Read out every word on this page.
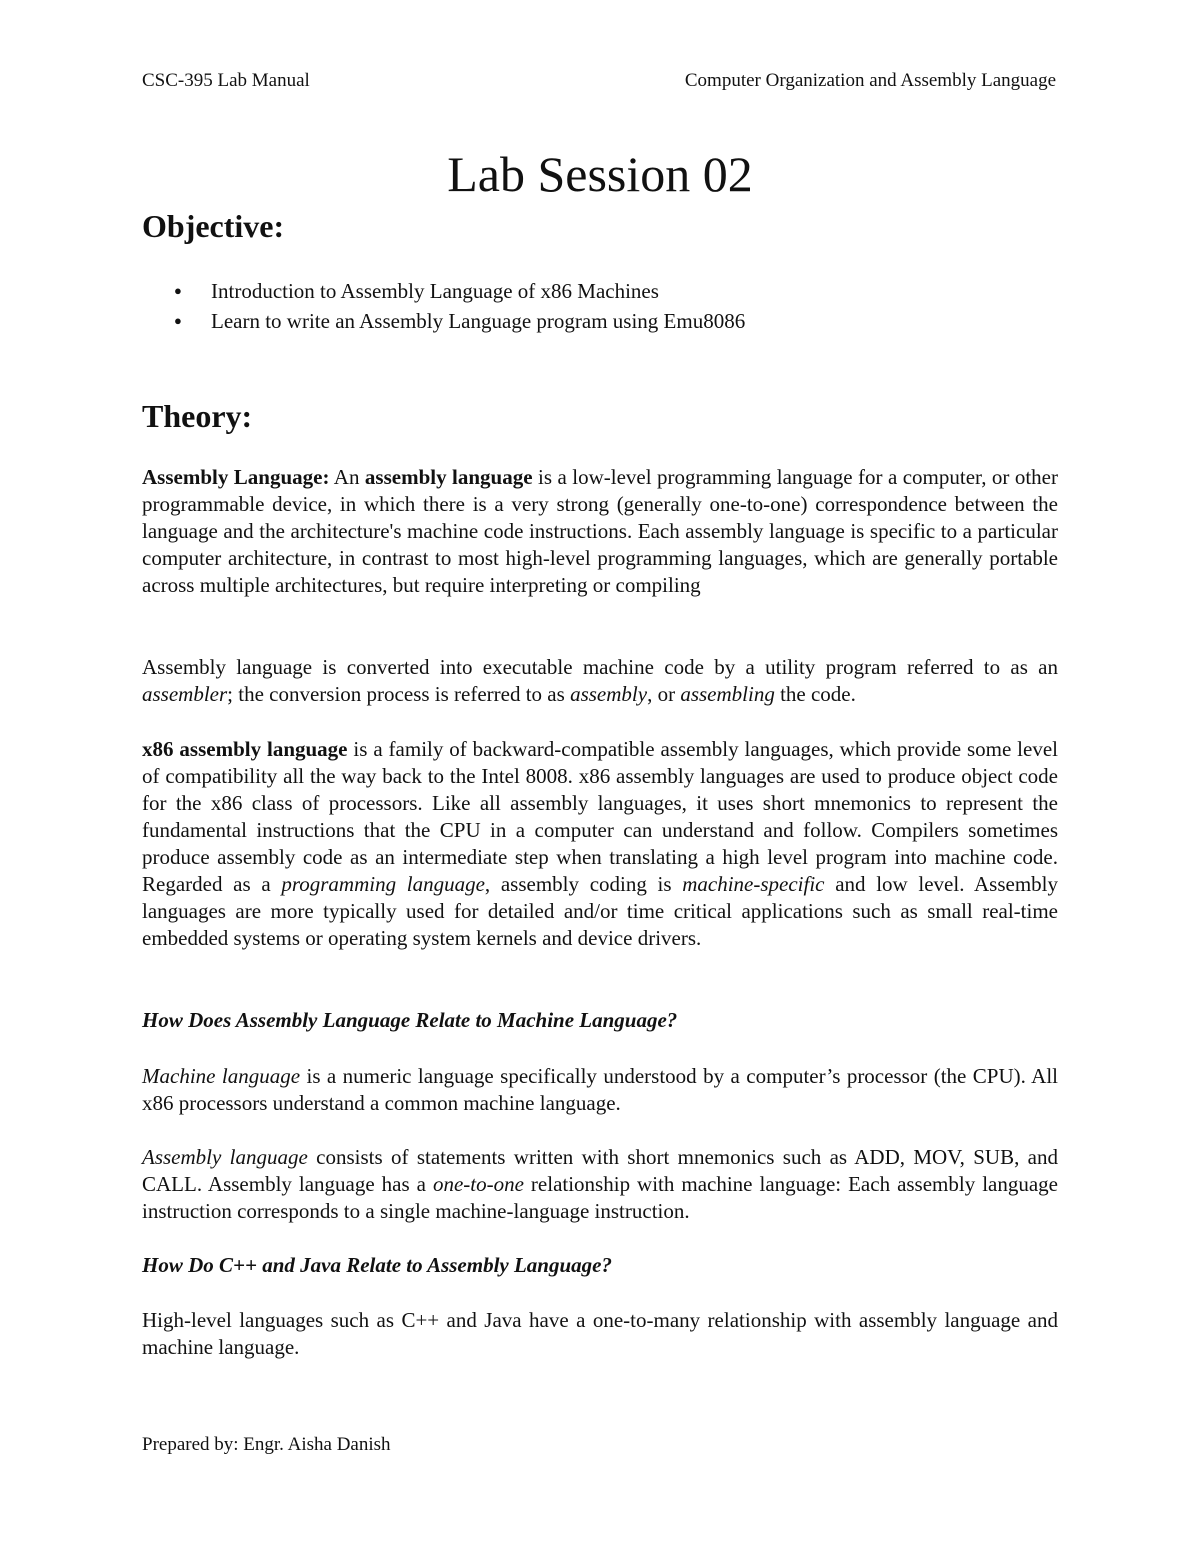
CSC-395 Lab Manual	Computer Organization and Assembly Language
Lab Session 02
Objective:
● Introduction to Assembly Language of x86 Machines
● Learn to write an Assembly Language program using Emu8086
Theory:

Assembly Language: An assembly language is a low-level programming language for a computer, or other programmable device, in which there is a very strong (generally one-to-one) correspondence between the language and the architecture's machine code instructions. Each assembly language is specific to a particular computer architecture, in contrast to most high-level programming languages, which are generally portable across multiple architectures, but require interpreting or compiling

Assembly language is converted into executable machine code by a utility program referred to as an assembler; the conversion process is referred to as assembly, or assembling the code.

x86 assembly language is a family of backward-compatible assembly languages, which provide some level of compatibility all the way back to the Intel 8008. x86 assembly languages are used to produce object code for the x86 class of processors. Like all assembly languages, it uses short mnemonics to represent the fundamental instructions that the CPU in a computer can understand and follow. Compilers sometimes produce assembly code as an intermediate step when translating a high level program into machine code. Regarded as a programming language, assembly coding is machine-specific and low level. Assembly languages are more typically used for detailed and/or time critical applications such as small real-time embedded systems or operating system kernels and device drivers.

How Does Assembly Language Relate to Machine Language?

Machine language is a numeric language specifically understood by a computer’s processor (the CPU). All x86 processors understand a common machine language.

Assembly language consists of statements written with short mnemonics such as ADD, MOV, SUB, and CALL. Assembly language has a one-to-one relationship with machine language: Each assembly language instruction corresponds to a single machine-language instruction.

How Do C++ and Java Relate to Assembly Language?

High-level languages such as C++ and Java have a one-to-many relationship with assembly language and machine language.

Prepared by: Engr. Aisha Danish
